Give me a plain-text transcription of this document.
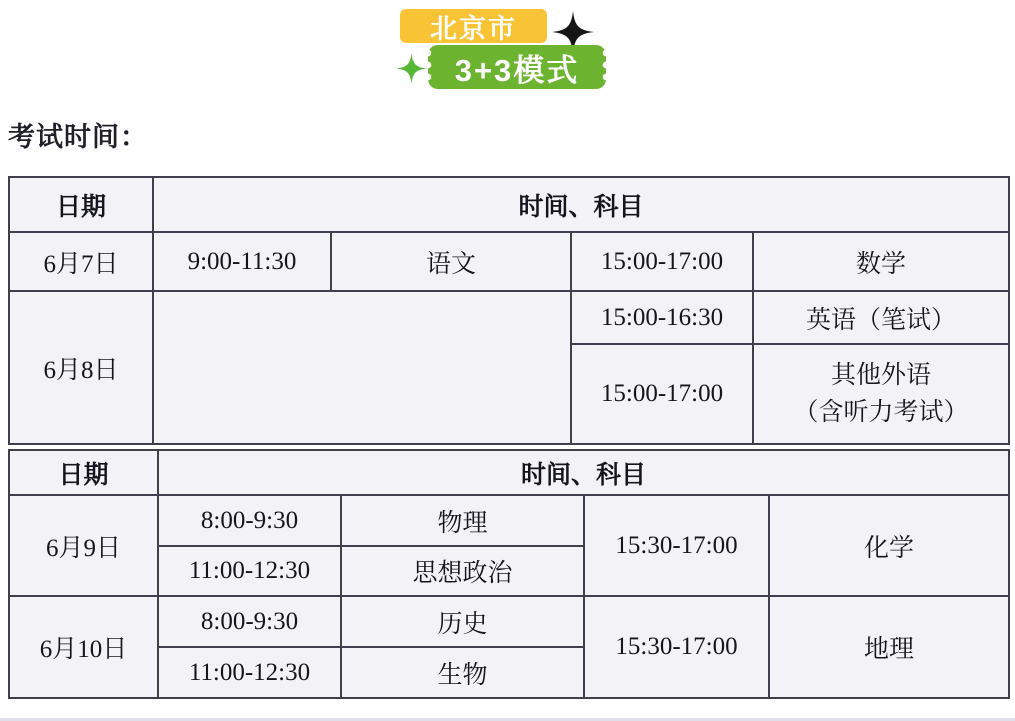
北京市
3+3模式
考试时间：
日期	时间、科目			
6月7日	9:00-11:30	语文	15:00-17:00	数学
6月8日			15:00-16:30	英语（笔试）
			15:00-17:00	其他外语
（含听力考试）
日期	时间、科目			
6月9日	8:00-9:30	物理	15:30-17:00	化学
	11:00-12:30	思想政治		
6月10日	8:00-9:30	历史	15:30-17:00	地理
	11:00-12:30	生物		
